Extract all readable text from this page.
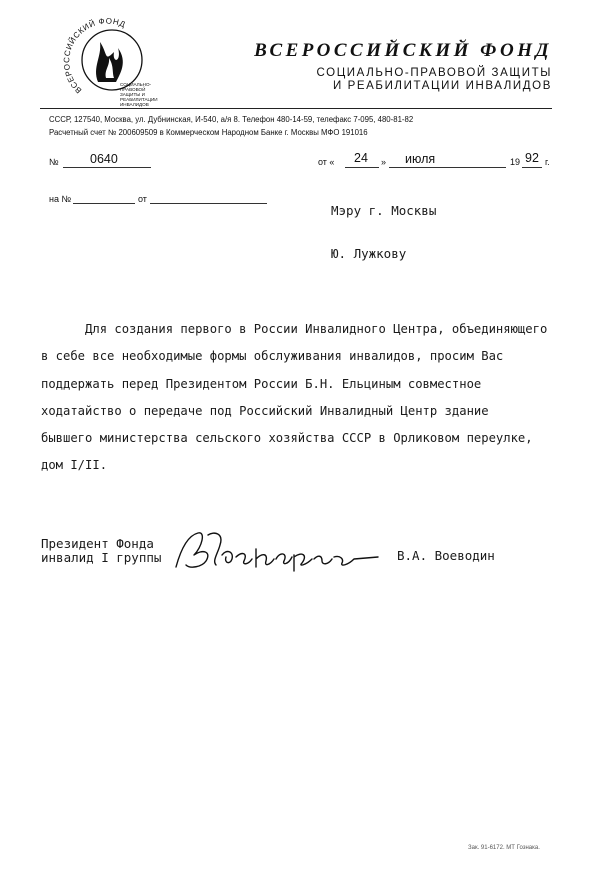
ВСЕРОССИЙСКИЙ ФОНД
СОЦИАЛЬНО-
ПРАВОВОЙ
ЗАЩИТЫ И
РЕАБИЛИТАЦИИ
ИНВАЛИДОВ
ВСЕРОССИЙСКИЙ ФОНД
СОЦИАЛЬНО-ПРАВОВОЙ ЗАЩИТЫ
И РЕАБИЛИТАЦИИ ИНВАЛИДОВ
СССР, 127540, Москва, ул. Дубнинская, И-540, а/я 8. Телефон 480-14-59, телефакс 7-095, 480-81-82
Расчетный счет № 200609509 в Коммерческом Народном Банке г. Москвы МФО 191016
№	0640	от « 24 » июля	19 92 г.
на №	от
Мэру г. Москвы
Ю. Лужкову
Для создания первого в России Инвалидного Центра, объединяющего
в себе все необходимые формы обслуживания инвалидов, просим Вас
поддержать перед Президентом России Б.Н. Ельциным совместное
ходатайство о передаче под Российский Инвалидный Центр здание
бывшего министерства сельского хозяйства СССР в Орликовом переулке,
дом I/II.
Президент Фонда
инвалид I группы	В.А. Воеводин
Зак. 91-6172. МТ Гознака.
